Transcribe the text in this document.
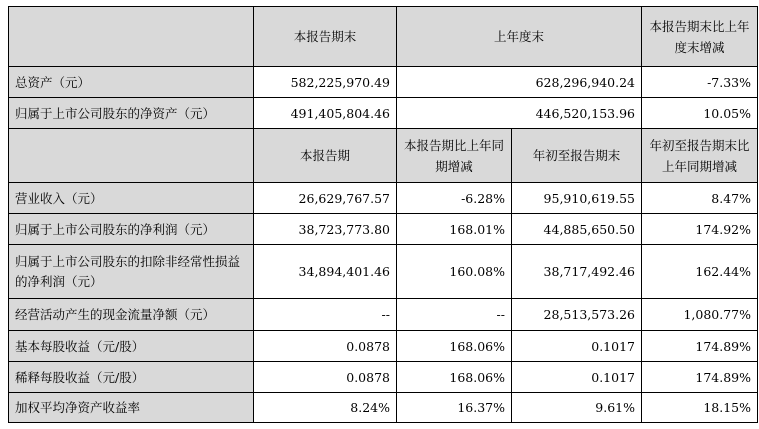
	本报告期末	上年度末		本报告期末比上年度末增减
总资产（元）	582,225,970.49	628,296,940.24		-7.33%
归属于上市公司股东的净资产（元）	491,405,804.46	446,520,153.96		10.05%
	本报告期	本报告期比上年同期增减	年初至报告期末	年初至报告期末比上年同期增减
营业收入（元）	26,629,767.57	-6.28%	95,910,619.55	8.47%
归属于上市公司股东的净利润（元）	38,723,773.80	168.01%	44,885,650.50	174.92%
归属于上市公司股东的扣除非经常性损益的净利润（元）	34,894,401.46	160.08%	38,717,492.46	162.44%
经营活动产生的现金流量净额（元）	--	--	28,513,573.26	1,080.77%
基本每股收益（元/股）	0.0878	168.06%	0.1017	174.89%
稀释每股收益（元/股）	0.0878	168.06%	0.1017	174.89%
加权平均净资产收益率	8.24%	16.37%	9.61%	18.15%
